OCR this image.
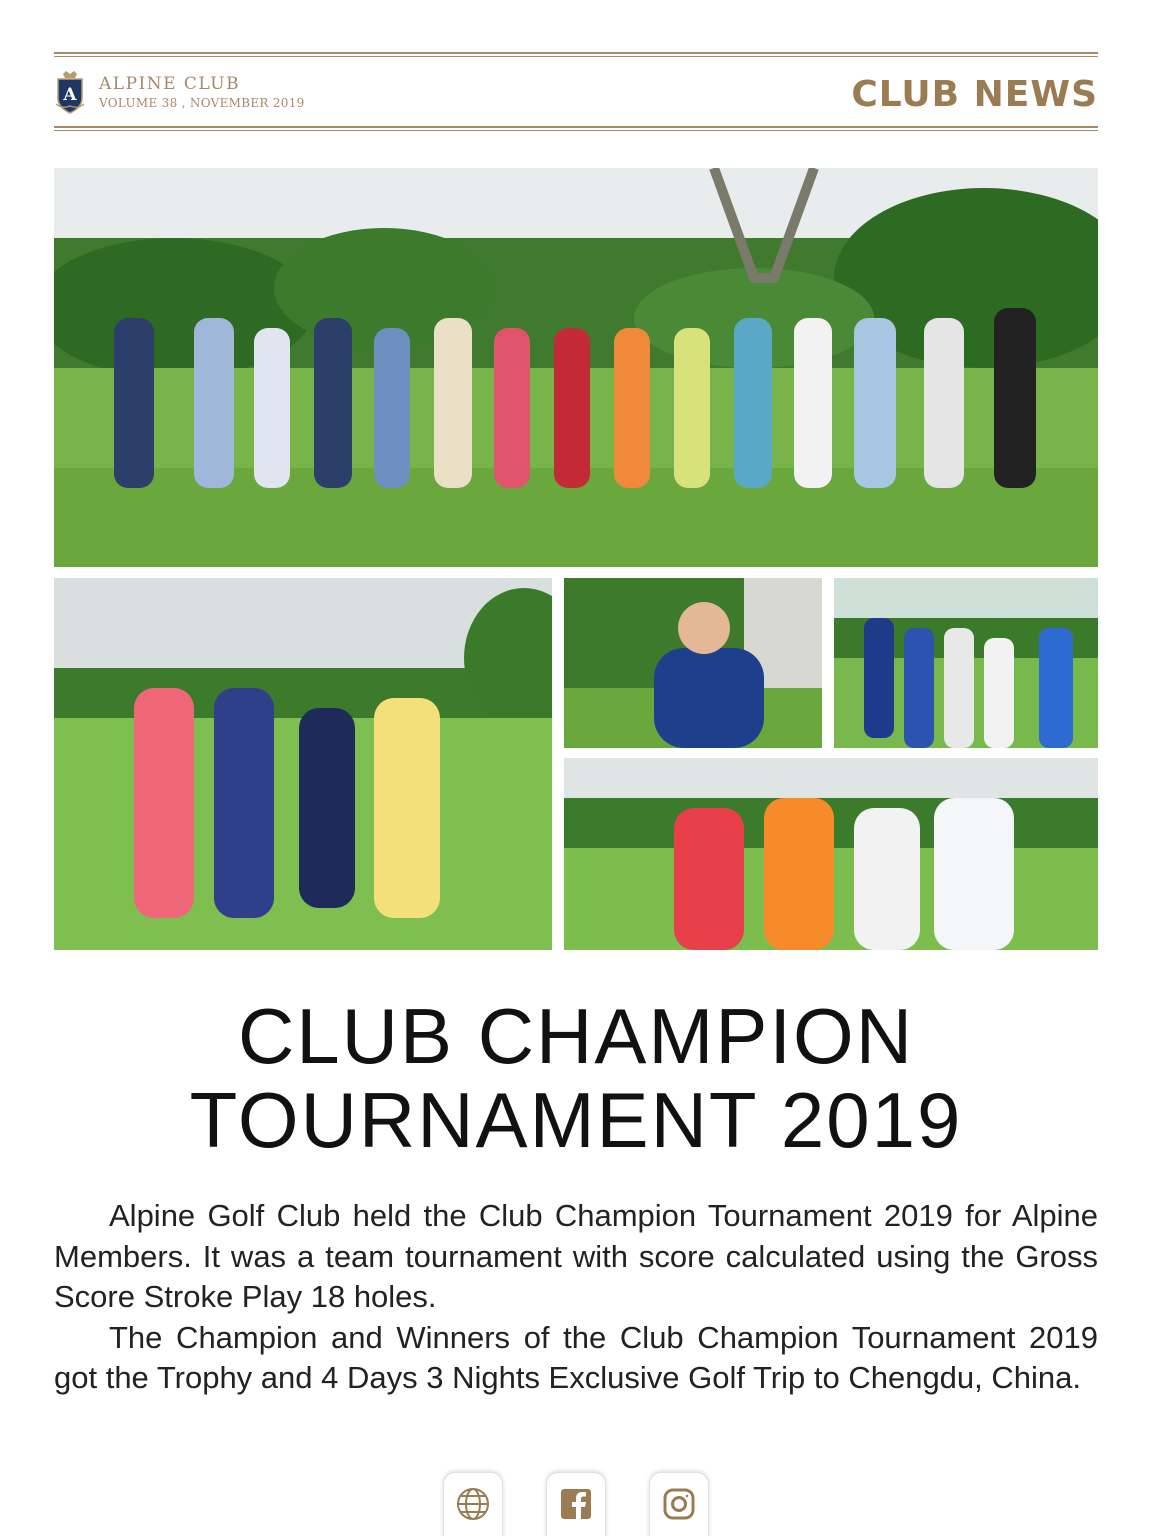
A
ALPINE CLUB
VOLUME 38 , NOVEMBER 2019	CLUB NEWS
CLUB CHAMPION
TOURNAMENT 2019

Alpine Golf Club held the Club Champion Tournament 2019 for Alpine Members. It was a team tournament with score calculated using the Gross Score Stroke Play 18 holes.

The Champion and Winners of the Club Champion Tournament 2019 got the Trophy and 4 Days 3 Nights Exclusive Golf Trip to Chengdu, China.
